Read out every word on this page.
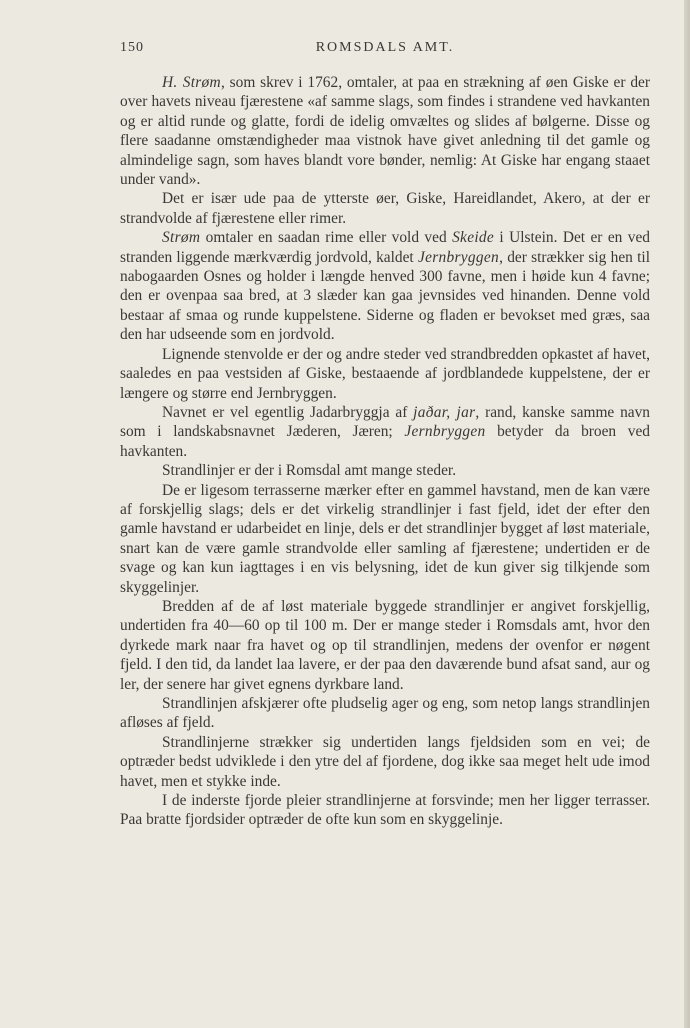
150	ROMSDALS AMT.

H. Strøm, som skrev i 1762, omtaler, at paa en strækning af øen Giske er der over havets niveau fjærestene «af samme slags, som findes i strandene ved havkanten og er altid runde og glatte, fordi de idelig omvæltes og slides af bølgerne. Disse og flere saadanne omstændigheder maa vistnok have givet anledning til det gamle og almindelige sagn, som haves blandt vore bønder, nemlig: At Giske har engang staaet under vand».

Det er især ude paa de ytterste øer, Giske, Hareidlandet, Akero, at der er strandvolde af fjærestene eller rimer.

Strøm omtaler en saadan rime eller vold ved Skeide i Ulstein. Det er en ved stranden liggende mærkværdig jordvold, kaldet Jernbryggen, der strækker sig hen til nabogaarden Osnes og holder i længde henved 300 favne, men i høide kun 4 favne; den er ovenpaa saa bred, at 3 slæder kan gaa jevnsides ved hinanden. Denne vold bestaar af smaa og runde kuppelstene. Siderne og fladen er bevokset med græs, saa den har udseende som en jordvold.

Lignende stenvolde er der og andre steder ved strandbredden opkastet af havet, saaledes en paa vestsiden af Giske, bestaaende af jordblandede kuppelstene, der er længere og større end Jernbryggen.

Navnet er vel egentlig Jadarbryggja af jaðar, jar, rand, kanske samme navn som i landskabsnavnet Jæderen, Jæren; Jernbryggen betyder da broen ved havkanten.

Strandlinjer er der i Romsdal amt mange steder.

De er ligesom terrasserne mærker efter en gammel havstand, men de kan være af forskjellig slags; dels er det virkelig strandlinjer i fast fjeld, idet der efter den gamle havstand er udarbeidet en linje, dels er det strandlinjer bygget af løst materiale, snart kan de være gamle strandvolde eller samling af fjærestene; undertiden er de svage og kan kun iagttages i en vis belysning, idet de kun giver sig tilkjende som skyggelinjer.

Bredden af de af løst materiale byggede strandlinjer er angivet forskjellig, undertiden fra 40—60 op til 100 m. Der er mange steder i Romsdals amt, hvor den dyrkede mark naar fra havet og op til strandlinjen, medens der ovenfor er nøgent fjeld. I den tid, da landet laa lavere, er der paa den daværende bund afsat sand, aur og ler, der senere har givet egnens dyrkbare land.

Strandlinjen afskjærer ofte pludselig ager og eng, som netop langs strandlinjen afløses af fjeld.

Strandlinjerne strækker sig undertiden langs fjeldsiden som en vei; de optræder bedst udviklede i den ytre del af fjordene, dog ikke saa meget helt ude imod havet, men et stykke inde.

I de inderste fjorde pleier strandlinjerne at forsvinde; men her ligger terrasser. Paa bratte fjordsider optræder de ofte kun som en skyggelinje.
